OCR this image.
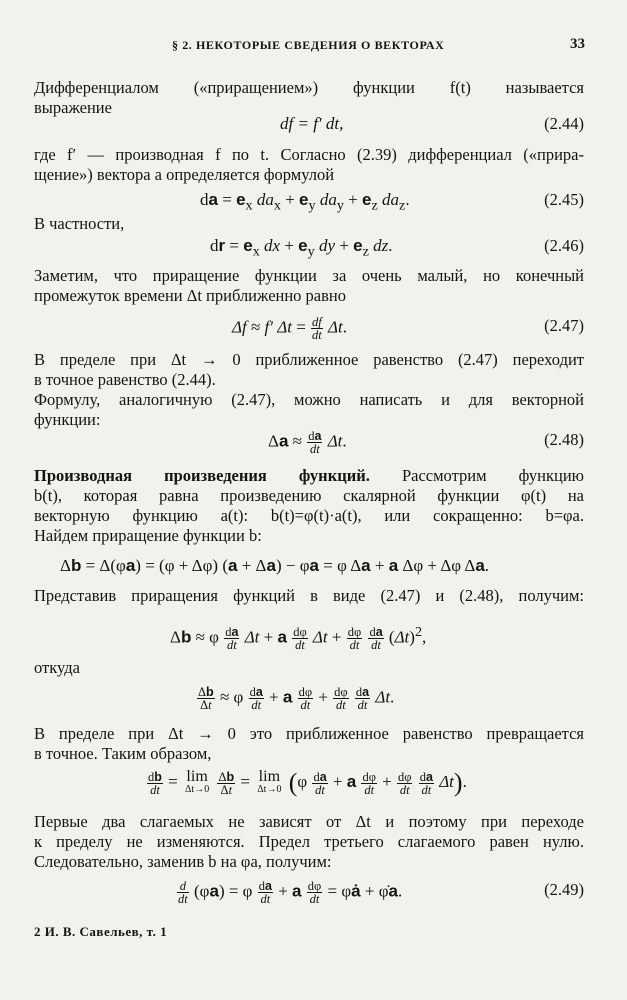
§ 2. НЕКОТОРЫЕ СВЕДЕНИЯ О ВЕКТОРАХ	33
Дифференциалом («приращением») функции f(t) называется
выражение
df = f′ dt,	(2.44)
где f′ — производная f по t. Согласно (2.39) дифференциал («прира-
щение») вектора a определяется формулой
da = $e_x$ $da_x + e_y$ $da_y + e_z$ $da_z$.	(2.45)
В частности,
dr = $e_x$ dx + $e_y$ dy + $e_z$ dz.	(2.46)
Заметим, что приращение функции за очень малый, но конечный
промежуток времени Δt приближенно равно
Δf ≈ f′ $\Delta t = \frac{df}{dt} \Delta t$.	(2.47)
В пределе при Δt → 0 приближенное равенство (2.47) переходит
в точное равенство (2.44).
Формулу, аналогичную (2.47), можно написать и для векторной
функции:
$\Delta a \approx \frac{da}{dt} \Delta t$.	(2.48)
Производная произведения функций. Рассмотрим функцию
b(t), которая равна произведению скалярной функции φ(t) на
векторную функцию a(t): b(t)=φ(t)·a(t), или сокращенно: b=φa.
Найдем приращение функции b:
Δb = Δ(φa) = (φ + Δφ) (a + Δa) − φa = φ Δa + a Δφ + Δφ Δa.
Представив приращения функций в виде (2.47) и (2.48), получим:
Δb ≈ φ $\frac{da}{dt}$ Δt + a $\frac{d\varphi}{dt}$ $\Delta t + \frac{d\varphi}{dt}$
$\frac{da}{dt} (\Delta t)^2$,
откуда
$\frac{\Delta b}{\Delta t} \approx \varphi \frac{da}{dt} + a \frac{d\varphi}{dt} + \frac{d\varphi}{dt}$
$\frac{da}{dt} \Delta t$.
В пределе при Δt → 0 это приближенное равенство превращается
в точное. Таким образом,
$\frac{db}{dt} = \lim$
Δt→0
$\frac{\Delta b}{\Delta t} = \lim$
Δt→0 ($\varphi \frac{da}{dt} + a \frac{d\varphi}{dt} + \frac{d\varphi}{dt}$
$\frac{da}{dt} \Delta t$).
Первые два слагаемых не зависят от Δt и поэтому при переходе
к пределу не изменяются. Предел третьего слагаемого равен нулю.
Следовательно, заменив b на φa, получим:
$\frac{d}{dt} (\varphi a) = \varphi \frac{da}{dt} + a \frac{d\varphi}{dt}$ = φȧ + φ̇a.	(2.49)
2 И. В. Савельев, т. 1
